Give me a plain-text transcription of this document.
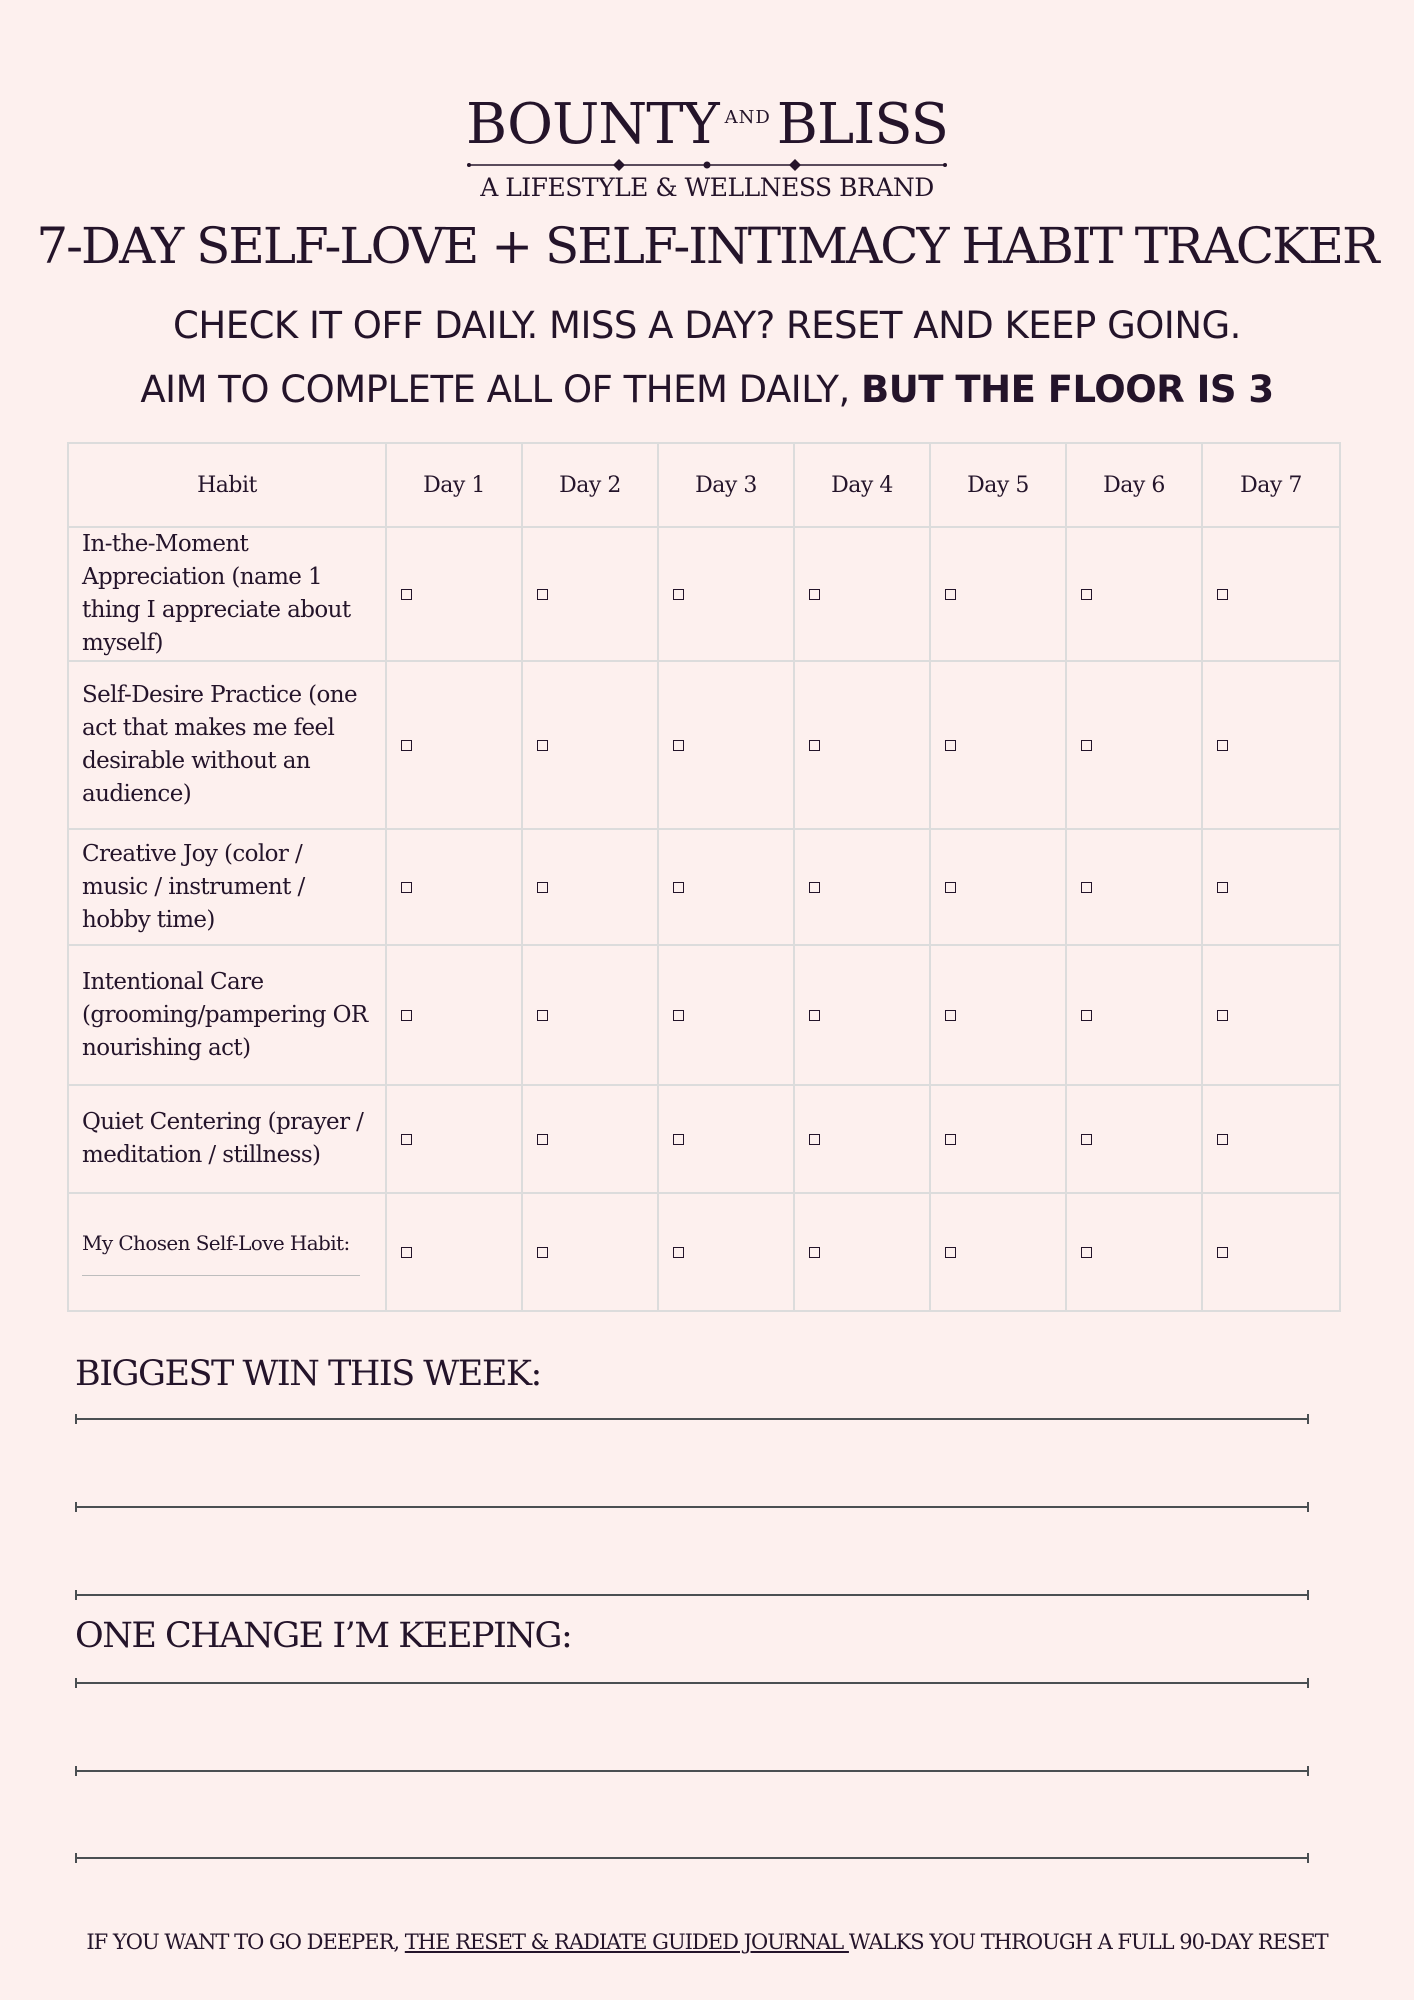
BOUNTY $^{AND}$ BLISS
A LIFESTYLE & WELLNESS BRAND
7-DAY SELF-LOVE + SELF-INTIMACY HABIT TRACKER
CHECK IT OFF DAILY. MISS A DAY? RESET AND KEEP GOING.
AIM TO COMPLETE ALL OF THEM DAILY, BUT THE FLOOR IS 3
Habit	Day 1	Day 2	Day 3	Day 4	Day 5	Day 6	Day 7
In-the-Moment Appreciation (name 1 thing I appreciate about myself)							
Self-Desire Practice (one act that makes me feel desirable without an audience)							
Creative Joy (color / music / instrument / hobby time)							
Intentional Care (grooming/pampering OR nourishing act)							
Quiet Centering (prayer / meditation / stillness)							
My Chosen Self-Love Habit:

BIGGEST WIN THIS WEEK:
ONE CHANGE I’M KEEPING:
IF YOU WANT TO GO DEEPER, THE RESET & RADIATE GUIDED JOURNAL WALKS YOU THROUGH A FULL 90-DAY RESET
